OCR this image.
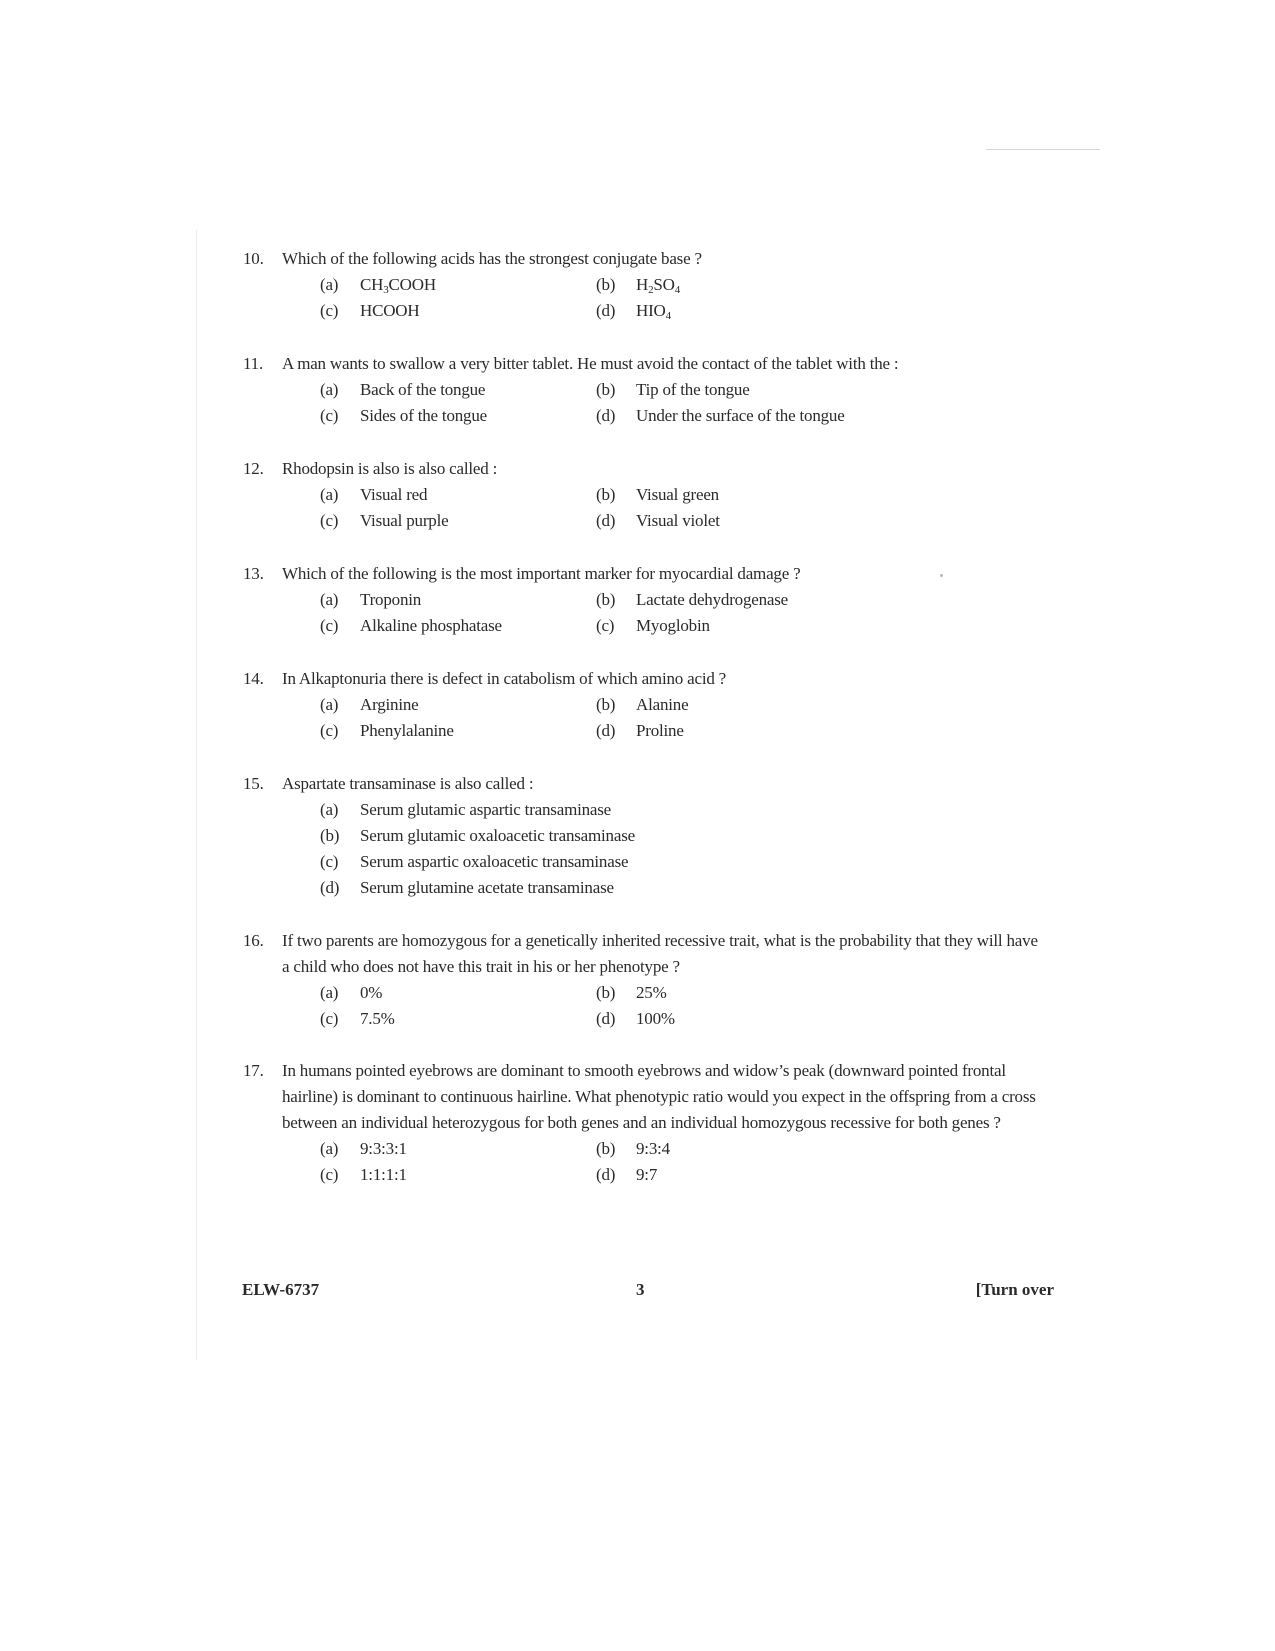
10.	Which of the following acids has the strongest conjugate base ?
(a)	$CH_3COOH$	(b)	$H_2SO_4$
(c)	HCOOH	(d)	$HIO_4$
11.	A man wants to swallow a very bitter tablet. He must avoid the contact of the tablet with the :
(a)	Back of the tongue	(b)	Tip of the tongue
(c)	Sides of the tongue	(d)	Under the surface of the tongue
12.	Rhodopsin is also is also called :
(a)	Visual red	(b)	Visual green
(c)	Visual purple	(d)	Visual violet
13.	Which of the following is the most important marker for myocardial damage ?
(a)	Troponin	(b)	Lactate dehydrogenase
(c)	Alkaline phosphatase	(c)	Myoglobin
14.	In Alkaptonuria there is defect in catabolism of which amino acid ?
(a)	Arginine	(b)	Alanine
(c)	Phenylalanine	(d)	Proline
15.	Aspartate transaminase is also called :
(a)	Serum glutamic aspartic transaminase
(b)	Serum glutamic oxaloacetic transaminase
(c)	Serum aspartic oxaloacetic transaminase
(d)	Serum glutamine acetate transaminase
16.	If two parents are homozygous for a genetically inherited recessive trait, what is the probability that they will have
a child who does not have this trait in his or her phenotype ?
(a)	0%	(b)	25%
(c)	7.5%	(d)	100%
17.	In humans pointed eyebrows are dominant to smooth eyebrows and widow’s peak (downward pointed frontal
hairline) is dominant to continuous hairline. What phenotypic ratio would you expect in the offspring from a cross
between an individual heterozygous for both genes and an individual homozygous recessive for both genes ?
(a)	9:3:3:1	(b)	9:3:4
(c)	1:1:1:1	(d)	9:7
ELW-6737	3	[Turn over
